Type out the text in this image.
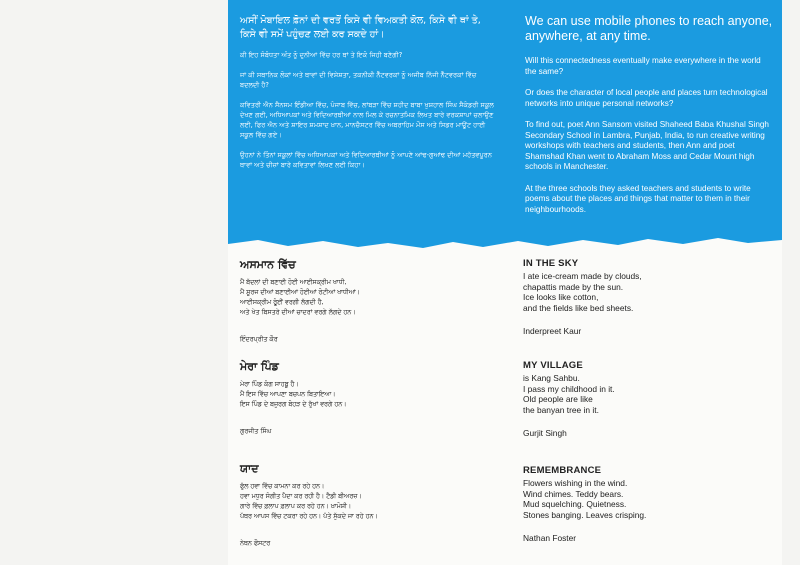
ਅਸੀਂ ਮੋਬਾਇਲ ਫ਼ੋਨਾਂ ਦੀ ਵਰਤੋਂ ਕਿਸੇ ਵੀ ਵਿਅਕਤੀ ਕੋਲ, ਕਿਸੇ ਵੀ ਥਾਂ ਤੇ, ਕਿਸੇ ਵੀ ਸਮੇਂ ਪਹੁੰਚਣ ਲਈ ਕਰ ਸਕਦੇ ਹਾਂ।

ਕੀ ਇਹ ਸੰਬੰਧਤਾ ਅੰਤ ਨੂੰ ਦੁਨੀਆਂ ਵਿੱਚ ਹਰ ਥਾਂ ਤੇ ਇਕੋ ਜਿਹੀ ਬਣੇਗੀ?

ਜਾਂ ਕੀ ਸਥਾਨਿਕ ਲੋਕਾਂ ਅਤੇ ਥਾਵਾਂ ਦੀ ਵਿਸ਼ੇਸ਼ਤਾ, ਤਕਨੀਕੀ ਨੈੱਟਵਰਕਾਂ ਨੂੰ ਅਜੀਬ ਨਿੱਜੀ ਨੈੱਟਵਰਕਾਂ ਵਿੱਚ ਬਦਲਦੀ ਹੈ?

ਕਵਿਤਰੀ ਐਨ ਸੈਨਸਮ ਇੰਡੀਆ ਵਿੱਚ, ਪੰਜਾਬ ਵਿੱਚ, ਲਾਂਬੜਾ ਵਿੱਚ ਸ਼ਹੀਦ ਬਾਬਾ ਖੁਸ਼ਹਾਲ ਸਿੰਘ ਸੈਕੰਡਰੀ ਸਕੂਲ ਦੇਖਣ ਗਈ, ਅਧਿਆਪਕਾਂ ਅਤੇ ਵਿਦਿਆਰਥੀਆਂ ਨਾਲ ਮਿਲ ਕੇ ਰਚਨਾਤਮਿਕ ਲਿਖਤ ਬਾਰੇ ਵਰਕਸ਼ਾਪਾਂ ਚਲਾਉਣ ਲਈ, ਫਿਰ ਐਨ ਅਤੇ ਸ਼ਾਇਰ ਸ਼ਮਸ਼ਾਦ ਖ਼ਾਨ, ਮਾਨਚੈਸਟਰ ਵਿੱਚ ਅਬਰਾਹਿਮ ਮੌਸ ਅਤੇ ਸਿਡਰ ਮਾਊਂਟ ਹਾਈ ਸਕੂਲ ਵਿੱਚ ਗਏ।

ਉਹਨਾਂ ਨੇ ਤਿੰਨਾਂ ਸਕੂਲਾਂ ਵਿੱਚ ਅਧਿਆਪਕਾਂ ਅਤੇ ਵਿਦਿਆਰਥੀਆਂ ਨੂੰ ਆਪਣੇ ਆਂਢ-ਗੁਆਂਢ ਦੀਆਂ ਮਹੱਤਵਪੂਰਨ ਥਾਵਾਂ ਅਤੇ ਚੀਜ਼ਾਂ ਬਾਰੇ ਕਵਿਤਾਵਾਂ ਲਿਖਣ ਲਈ ਕਿਹਾ।

We can use mobile phones to reach anyone, anywhere, at any time.

Will this connectedness eventually make everywhere in the world the same?

Or does the character of local people and places turn technological networks into unique personal networks?

To find out, poet Ann Sansom visited Shaheed Baba Khushal Singh Secondary School in Lambra, Punjab, India, to run creative writing workshops with teachers and students, then Ann and poet Shamshad Khan went to Abraham Moss and Cedar Mount high schools in Manchester.

At the three schools they asked teachers and students to write poems about the places and things that matter to them in their neighbourhoods.

ਅਸਮਾਨ ਵਿੱਚ
ਮੈਂ ਬੱਦਲਾਂ ਦੀ ਬਣਾਈ ਹੋਈ ਆਈਸਕ੍ਰੀਮ ਖਾਧੀ,
ਮੈਂ ਸੂਰਜ ਦੀਆਂ ਬਣਾਈਆਂ ਹੋਈਆਂ ਰੋਟੀਆਂ ਖਾਧੀਆਂ।
ਆਈਸਕ੍ਰੀਮ ਰੂੰਈਂ ਵਰਗੀ ਲੱਗਦੀ ਹੈ,
ਅਤੇ ਖੇਤ ਬਿਸਤਰੇ ਦੀਆਂ ਚਾਦਰਾਂ ਵਰਗੇ ਲੱਗਦੇ ਹਨ।
ਇੰਦਰਪ੍ਰੀਤ ਕੌਰ
ਮੇਰਾ ਪਿੰਡ
ਮੇਰਾ ਪਿੰਡ ਕੰਗ ਸਾਹਬੂ ਹੈ।
ਮੈਂ ਇਸ ਵਿੱਚ ਆਪਣਾ ਬਚਪਨ ਬਿਤਾਇਆ।
ਇਸ ਪਿੰਡ ਦੇ ਬਜ਼ੁਰਗ ਬੋਹੜ ਦੇ ਰੁੱਖਾਂ ਵਰਗੇ ਹਨ।
ਗੁਰਜੀਤ ਸਿੰਘ
ਯਾਦ
ਫੁੱਲ ਹਵਾ ਵਿੱਚ ਕਾਮਨਾ ਕਰ ਰਹੇ ਹਨ।
ਹਵਾ ਮਧੁਰ ਸੰਗੀਤ ਪੈਦਾ ਕਰ ਰਹੀ ਹੈ। ਟੈਡੀ ਬੀਅਰਜ਼।
ਗਾਰੇ ਵਿੱਚ ਫ਼ਲਾਪ ਫ਼ਲਾਪ ਕਰ ਰਹੇ ਹਨ। ਖ਼ਾਮੋਸ਼ੀ।
ਪੱਥਰ ਆਪਸ ਵਿੱਚ ਟਕਰਾ ਰਹੇ ਹਨ। ਪੱਤੇ ਸੁੱਕਦੇ ਜਾ ਰਹੇ ਹਨ।
ਨੇਥਨ ਫੌਸਟਰ
IN THE SKY
I ate ice-cream made by clouds,
chapattis made by the sun.
Ice looks like cotton,
and the fields like bed sheets.
Inderpreet Kaur
MY VILLAGE
is Kang Sahbu.
I pass my childhood in it.
Old people are like
the banyan tree in it.
Gurjit Singh
REMEMBRANCE
Flowers wishing in the wind.
Wind chimes. Teddy bears.
Mud squelching. Quietness.
Stones banging. Leaves crisping.
Nathan Foster
